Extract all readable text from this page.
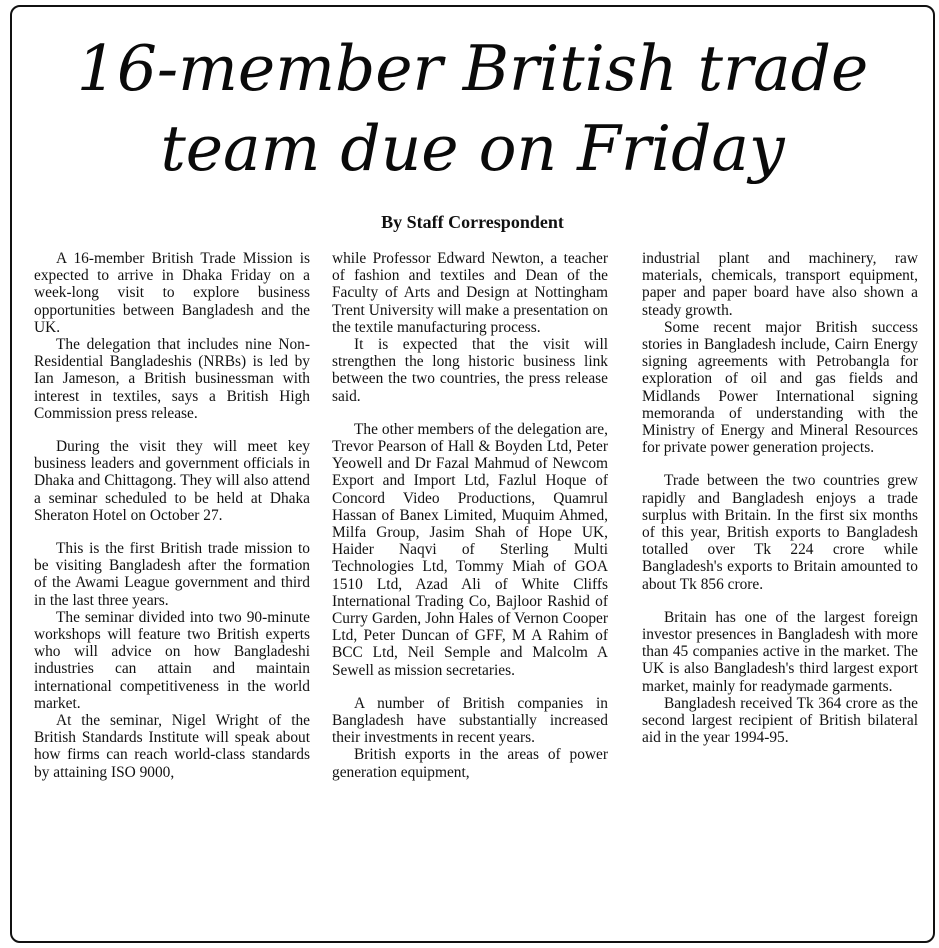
16-member British trade
team due on Friday
By Staff Correspondent

A 16-member British Trade Mission is expected to arrive in Dhaka Friday on a week-long visit to explore business opportunities between Bangladesh and the UK.

The delegation that includes nine Non-Residential Bangladeshis (NRBs) is led by Ian Jameson, a British businessman with interest in textiles, says a British High Commission press release.

During the visit they will meet key business leaders and government officials in Dhaka and Chittagong. They will also attend a seminar scheduled to be held at Dhaka Sheraton Hotel on October 27.

This is the first British trade mission to be visiting Bangladesh after the formation of the Awami League government and third in the last three years.

The seminar divided into two 90-minute workshops will feature two British experts who will advice on how Bangladeshi industries can attain and maintain international competitiveness in the world market.

At the seminar, Nigel Wright of the British Standards Institute will speak about how firms can reach world-class standards by attaining ISO 9000,

while Professor Edward Newton, a teacher of fashion and textiles and Dean of the Faculty of Arts and Design at Nottingham Trent University will make a presentation on the textile manufacturing process.

It is expected that the visit will strengthen the long historic business link between the two countries, the press release said.

The other members of the delegation are, Trevor Pearson of Hall & Boyden Ltd, Peter Yeowell and Dr Fazal Mahmud of Newcom Export and Import Ltd, Fazlul Hoque of Concord Video Productions, Quamrul Hassan of Banex Limited, Muquim Ahmed, Milfa Group, Jasim Shah of Hope UK, Haider Naqvi of Sterling Multi Technologies Ltd, Tommy Miah of GOA 1510 Ltd, Azad Ali of White Cliffs International Trading Co, Bajloor Rashid of Curry Garden, John Hales of Vernon Cooper Ltd, Peter Duncan of GFF, M A Rahim of BCC Ltd, Neil Semple and Malcolm A Sewell as mission secretaries.

A number of British companies in Bangladesh have substantially increased their investments in recent years.

British exports in the areas of power generation equipment,

industrial plant and machinery, raw materials, chemicals, transport equipment, paper and paper board have also shown a steady growth.

Some recent major British success stories in Bangladesh include, Cairn Energy signing agreements with Petrobangla for exploration of oil and gas fields and Midlands Power International signing memoranda of understanding with the Ministry of Energy and Mineral Resources for private power generation projects.

Trade between the two countries grew rapidly and Bangladesh enjoys a trade surplus with Britain. In the first six months of this year, British exports to Bangladesh totalled over Tk 224 crore while Bangladesh's exports to Britain amounted to about Tk 856 crore.

Britain has one of the largest foreign investor presences in Bangladesh with more than 45 companies active in the market. The UK is also Bangladesh's third largest export market, mainly for readymade garments.

Bangladesh received Tk 364 crore as the second largest recipient of British bilateral aid in the year 1994-95.
